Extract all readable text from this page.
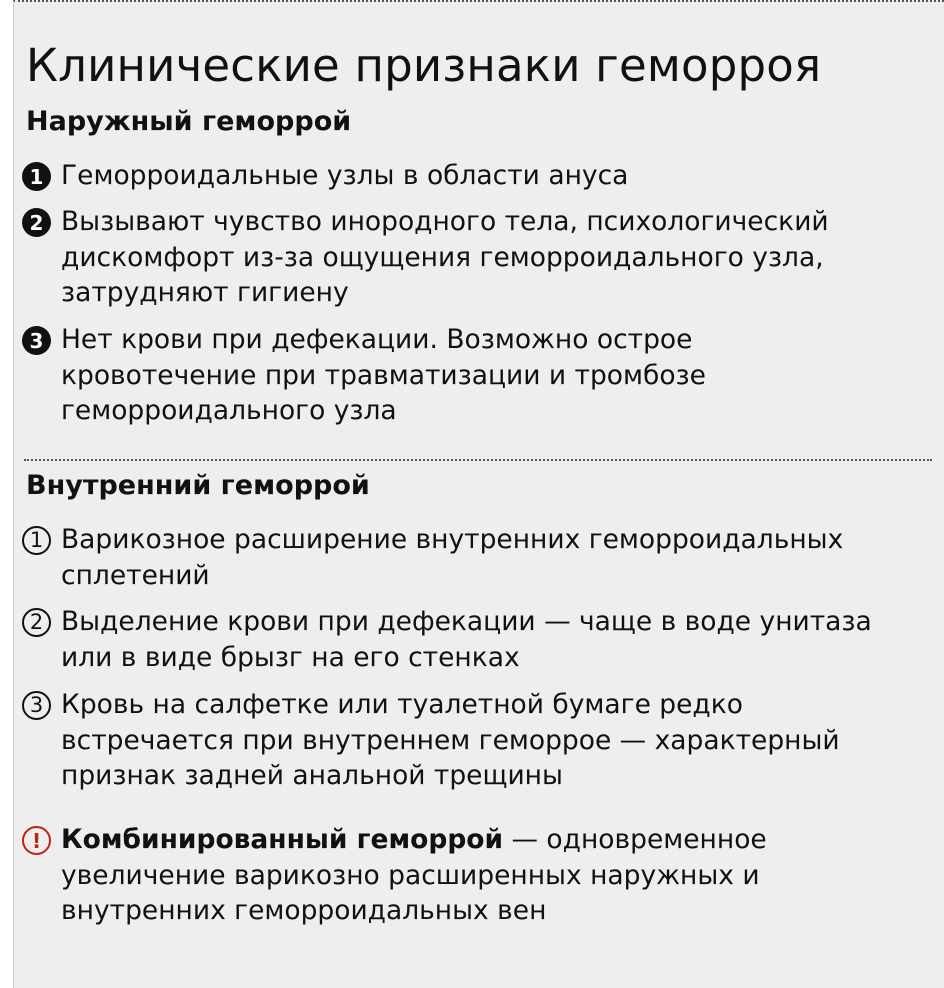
Клинические признаки геморроя
Наружный геморрой
1 Геморроидальные узлы в области ануса
2 Вызывают чувство инородного тела, психологический дискомфорт из-за ощущения геморроидального узла, затрудняют гигиену
3 Нет крови при дефекации. Возможно острое кровотечение при травматизации и тромбозе геморроидального узла
Внутренний геморрой
1 Варикозное расширение внутренних геморроидальных сплетений
2 Выделение крови при дефекации — чаще в воде унитаза или в виде брызг на его стенках
3 Кровь на салфетке или туалетной бумаге редко встречается при внутреннем геморрое — характерный признак задней анальной трещины
! Комбинированный геморрой — одновременное увеличение варикозно расширенных наружных и внутренних геморроидальных вен
